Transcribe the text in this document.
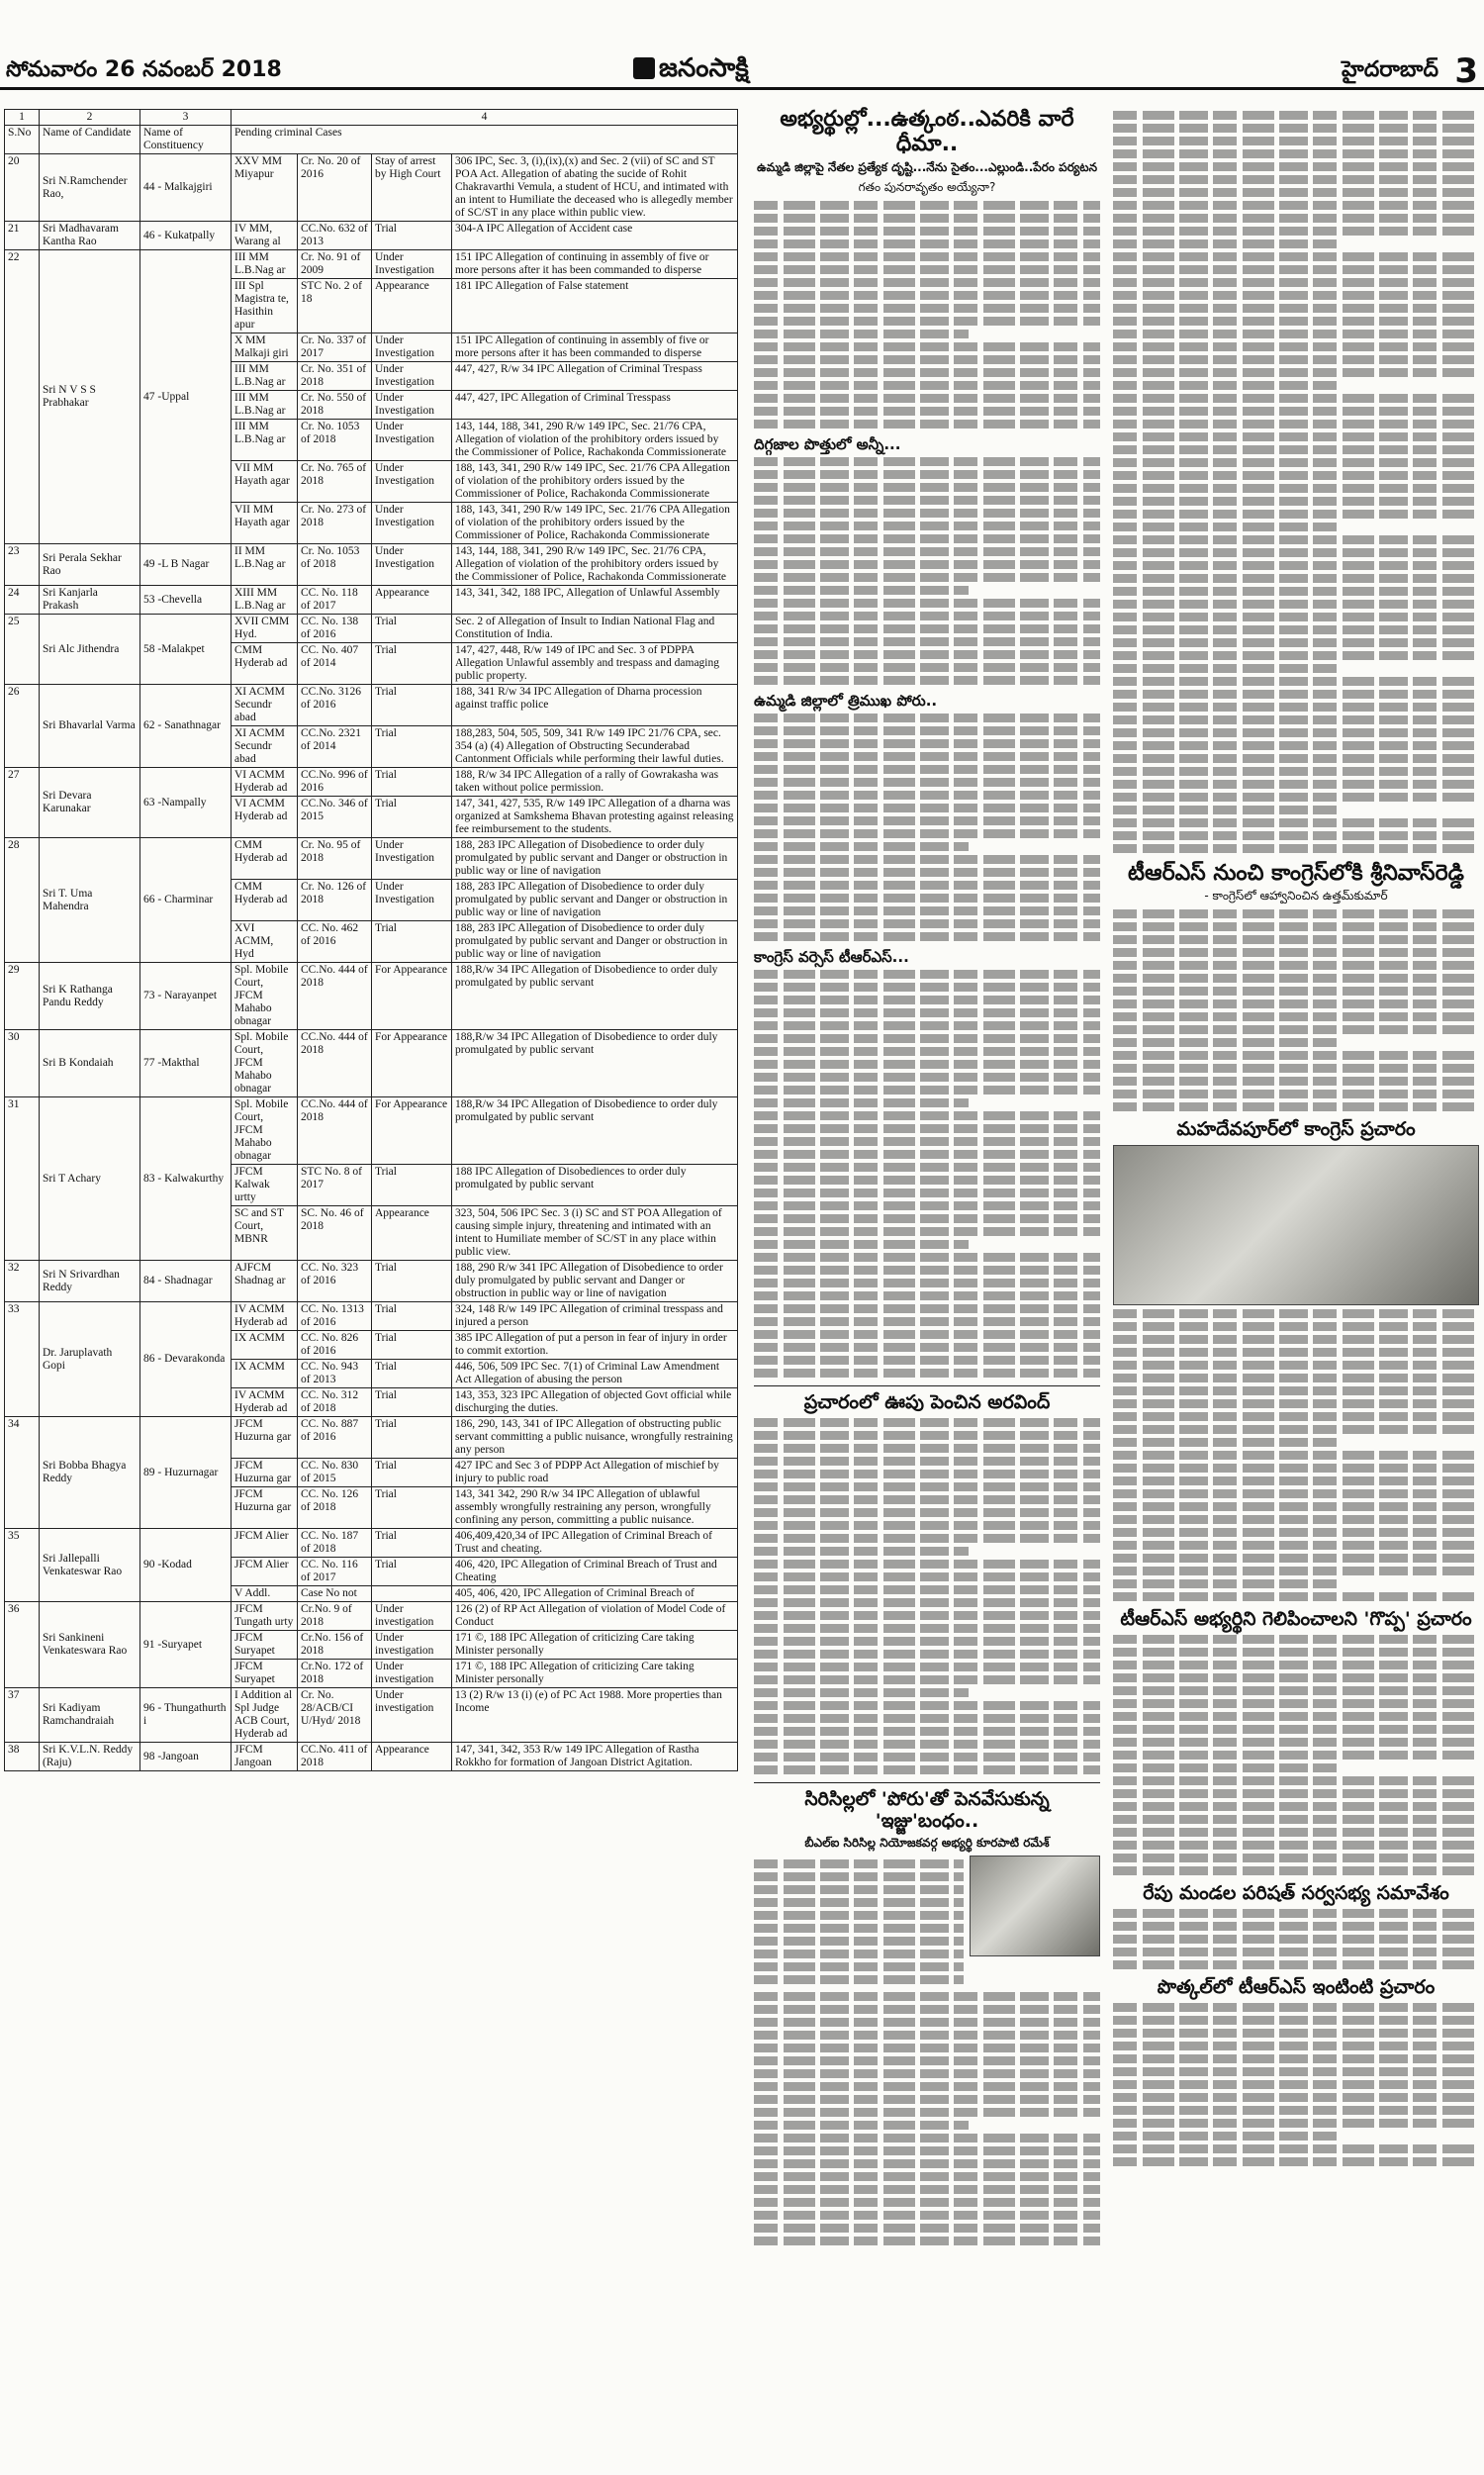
సోమవారం 26 నవంబర్ 2018	జనంసాక్షి	హైదరాబాద్ 3
1	2	3	4			
S.No	Name of Candidate	Name of Constituency	Pending criminal Cases			
20	Sri N.Ramchender Rao,	44 - Malkajgiri	XXV MM Miyapur	Cr. No. 20 of 2016	Stay of arrest by High Court	306 IPC, Sec. 3, (i),(ix),(x) and Sec. 2 (vii) of SC and ST POA Act. Allegation of abating the sucide of Rohit Chakravarthi Vemula, a student of HCU, and intimated with an intent to Humiliate the deceased who is allegedly member of SC/ST in any place within public view.
21	Sri Madhavaram Kantha Rao	46 - Kukatpally	IV MM, Warang al	CC.No. 632 of 2013	Trial	304-A IPC Allegation of Accident case
22	Sri N V S S Prabhakar	47 -Uppal	III MM L.B.Nag ar	Cr. No. 91 of 2009	Under Investigation	151 IPC Allegation of continuing in assembly of five or more persons after it has been commanded to disperse
			III Spl Magistra te, Hasithin apur	STC No. 2 of 18	Appearance	181 IPC Allegation of False statement
			X MM Malkaji giri	Cr. No. 337 of 2017	Under Investigation	151 IPC Allegation of continuing in assembly of five or more persons after it has been commanded to disperse
			III MM L.B.Nag ar	Cr. No. 351 of 2018	Under Investigation	447, 427, R/w 34 IPC Allegation of Criminal Trespass
			III MM L.B.Nag ar	Cr. No. 550 of 2018	Under Investigation	447, 427, IPC Allegation of Criminal Tresspass
			III MM L.B.Nag ar	Cr. No. 1053 of 2018	Under Investigation	143, 144, 188, 341, 290 R/w 149 IPC, Sec. 21/76 CPA, Allegation of violation of the prohibitory orders issued by the Commissioner of Police, Rachakonda Commissionerate
			VII MM Hayath agar	Cr. No. 765 of 2018	Under Investigation	188, 143, 341, 290 R/w 149 IPC, Sec. 21/76 CPA Allegation of violation of the prohibitory orders issued by the Commissioner of Police, Rachakonda Commissionerate
			VII MM Hayath agar	Cr. No. 273 of 2018	Under Investigation	188, 143, 341, 290 R/w 149 IPC, Sec. 21/76 CPA Allegation of violation of the prohibitory orders issued by the Commissioner of Police, Rachakonda Commissionerate
23	Sri Perala Sekhar Rao	49 -L B Nagar	II MM L.B.Nag ar	Cr. No. 1053 of 2018	Under Investigation	143, 144, 188, 341, 290 R/w 149 IPC, Sec. 21/76 CPA, Allegation of violation of the prohibitory orders issued by the Commissioner of Police, Rachakonda Commissionerate
24	Sri Kanjarla Prakash	53 -Chevella	XIII MM L.B.Nag ar	CC. No. 118 of 2017	Appearance	143, 341, 342, 188 IPC, Allegation of Unlawful Assembly
25	Sri Alc Jithendra	58 -Malakpet	XVII CMM Hyd.	CC. No. 138 of 2016	Trial	Sec. 2 of Allegation of Insult to Indian National Flag and Constitution of India.
			CMM Hyderab ad	CC. No. 407 of 2014	Trial	147, 427, 448, R/w 149 of IPC and Sec. 3 of PDPPA Allegation Unlawful assembly and trespass and damaging public property.
26	Sri Bhavarlal Varma	62 - Sanathnagar	XI ACMM Secundr abad	CC.No. 3126 of 2016	Trial	188, 341 R/w 34 IPC Allegation of Dharna procession against traffic police
			XI ACMM Secundr abad	CC.No. 2321 of 2014	Trial	188,283, 504, 505, 509, 341 R/w 149 IPC 21/76 CPA, sec. 354 (a) (4) Allegation of Obstructing Secunderabad Cantonment Officials while performing their lawful duties.
27	Sri Devara Karunakar	63 -Nampally	VI ACMM Hyderab ad	CC.No. 996 of 2016	Trial	188, R/w 34 IPC Allegation of a rally of Gowrakasha was taken without police permission.
			VI ACMM Hyderab ad	CC.No. 346 of 2015	Trial	147, 341, 427, 535, R/w 149 IPC Allegation of a dharna was organized at Samkshema Bhavan protesting against releasing fee reimbursement to the students.
28	Sri T. Uma Mahendra	66 - Charminar	CMM Hyderab ad	Cr. No. 95 of 2018	Under Investigation	188, 283 IPC Allegation of Disobedience to order duly promulgated by public servant and Danger or obstruction in public way or line of navigation
			CMM Hyderab ad	Cr. No. 126 of 2018	Under Investigation	188, 283 IPC Allegation of Disobedience to order duly promulgated by public servant and Danger or obstruction in public way or line of navigation
			XVI ACMM, Hyd	CC. No. 462 of 2016	Trial	188, 283 IPC Allegation of Disobedience to order duly promulgated by public servant and Danger or obstruction in public way or line of navigation
29	Sri K Rathanga Pandu Reddy	73 - Narayanpet	Spl. Mobile Court, JFCM Mahabo obnagar	CC.No. 444 of 2018	For Appearance	188,R/w 34 IPC Allegation of Disobedience to order duly promulgated by public servant
30	Sri B Kondaiah	77 -Makthal	Spl. Mobile Court, JFCM Mahabo obnagar	CC.No. 444 of 2018	For Appearance	188,R/w 34 IPC Allegation of Disobedience to order duly promulgated by public servant
31	Sri T Achary	83 - Kalwakurthy	Spl. Mobile Court, JFCM Mahabo obnagar	CC.No. 444 of 2018	For Appearance	188,R/w 34 IPC Allegation of Disobedience to order duly promulgated by public servant
			JFCM Kalwak urtty	STC No. 8 of 2017	Trial	188 IPC Allegation of Disobediences to order duly promulgated by public servant
			SC and ST Court, MBNR	SC. No. 46 of 2018	Appearance	323, 504, 506 IPC Sec. 3 (i) SC and ST POA Allegation of causing simple injury, threatening and intimated with an intent to Humiliate member of SC/ST in any place within public view.
32	Sri N Srivardhan Reddy	84 - Shadnagar	AJFCM Shadnag ar	CC. No. 323 of 2016	Trial	188, 290 R/w 341 IPC Allegation of Disobedience to order duly promulgated by public servant and Danger or obstruction in public way or line of navigation
33	Dr. Jaruplavath Gopi	86 - Devarakonda	IV ACMM Hyderab ad	CC. No. 1313 of 2016	Trial	324, 148 R/w 149 IPC Allegation of criminal tresspass and injured a person
			IX ACMM	CC. No. 826 of 2016	Trial	385 IPC Allegation of put a person in fear of injury in order to commit extortion.
			IX ACMM	CC. No. 943 of 2013	Trial	446, 506, 509 IPC Sec. 7(1) of Criminal Law Amendment Act Allegation of abusing the person
			IV ACMM Hyderab ad	CC. No. 312 of 2018	Trial	143, 353, 323 IPC Allegation of objected Govt official while dischurging the duties.
34	Sri Bobba Bhagya Reddy	89 - Huzurnagar	JFCM Huzurna gar	CC. No. 887 of 2016	Trial	186, 290, 143, 341 of IPC Allegation of obstructing public servant committing a public nuisance, wrongfully restraining any person
			JFCM Huzurna gar	CC. No. 830 of 2015	Trial	427 IPC and Sec 3 of PDPP Act Allegation of mischief by injury to public road
			JFCM Huzurna gar	CC. No. 126 of 2018	Trial	143, 341 342, 290 R/w 34 IPC Allegation of ublawful assembly wrongfully restraining any person, wrongfully confining any person, committing a public nuisance.
35	Sri Jallepalli Venkateswar Rao	90 -Kodad	JFCM Alier	CC. No. 187 of 2018	Trial	406,409,420,34 of IPC Allegation of Criminal Breach of Trust and cheating.
			JFCM Alier	CC. No. 116 of 2017	Trial	406, 420, IPC Allegation of Criminal Breach of Trust and Cheating
			V Addl.	Case No not		405, 406, 420, IPC Allegation of Criminal Breach of
36	Sri Sankineni Venkateswara Rao	91 -Suryapet	JFCM Tungath urty	Cr.No. 9 of 2018	Under investigation	126 (2) of RP Act Allegation of violation of Model Code of Conduct
			JFCM Suryapet	Cr.No. 156 of 2018	Under investigation	171 ©, 188 IPC Allegation of criticizing Care taking Minister personally
			JFCM Suryapet	Cr.No. 172 of 2018	Under investigation	171 ©, 188 IPC Allegation of criticizing Care taking Minister personally
37	Sri Kadiyam Ramchandraiah	96 - Thungathurth i	I Addition al Spl Judge ACB Court, Hyderab ad	Cr. No. 28/ACB/CI U/Hyd/ 2018	Under investigation	13 (2) R/w 13 (i) (e) of PC Act 1988. More properties than Income
38	Sri K.V.L.N. Reddy (Raju)	98 -Jangoan	JFCM Jangoan	CC.No. 411 of 2018	Appearance	147, 341, 342, 353 R/w 149 IPC Allegation of Rastha Rokkho for formation of Jangoan District Agitation.
అభ్యర్థుల్లో...ఉత్కంఠ..ఎవరికి వారే ధీమా..
ఉమ్మడి జిల్లాపై నేతల ప్రత్యేక దృష్టి...నేను సైతం...ఎల్లుండి..పేరం పర్యటన
గతం పునరావృతం అయ్యేనా?
దిగ్గజాల పొత్తులో అన్నీ...
ఉమ్మడి జిల్లాలో త్రిముఖ పోరు..
కాంగ్రెస్ వర్సెస్ టీఆర్ఎస్...
ప్రచారంలో ఊపు పెంచిన అరవింద్
సిరిసిల్లలో 'పోరు'తో పెనవేసుకున్న 'ఇజ్జు'బంధం..
బీఎల్ఐ సిరిసిల్ల నియోజకవర్గ అభ్యర్థి కూరపాటి రమేశ్
టీఆర్ఎస్ నుంచి కాంగ్రెస్‌లోకి శ్రీనివాస్‌రెడ్డి
- కాంగ్రెస్‌లో ఆహ్వానించిన ఉత్తమ్‌కుమార్
మహదేవపూర్‌లో కాంగ్రెస్ ప్రచారం
టీఆర్ఎస్ అభ్యర్థిని గెలిపించాలని 'గొప్ప' ప్రచారం
రేపు మండల పరిషత్ సర్వసభ్య సమావేశం
పొత్కల్‌లో టీఆర్ఎస్ ఇంటింటి ప్రచారం
